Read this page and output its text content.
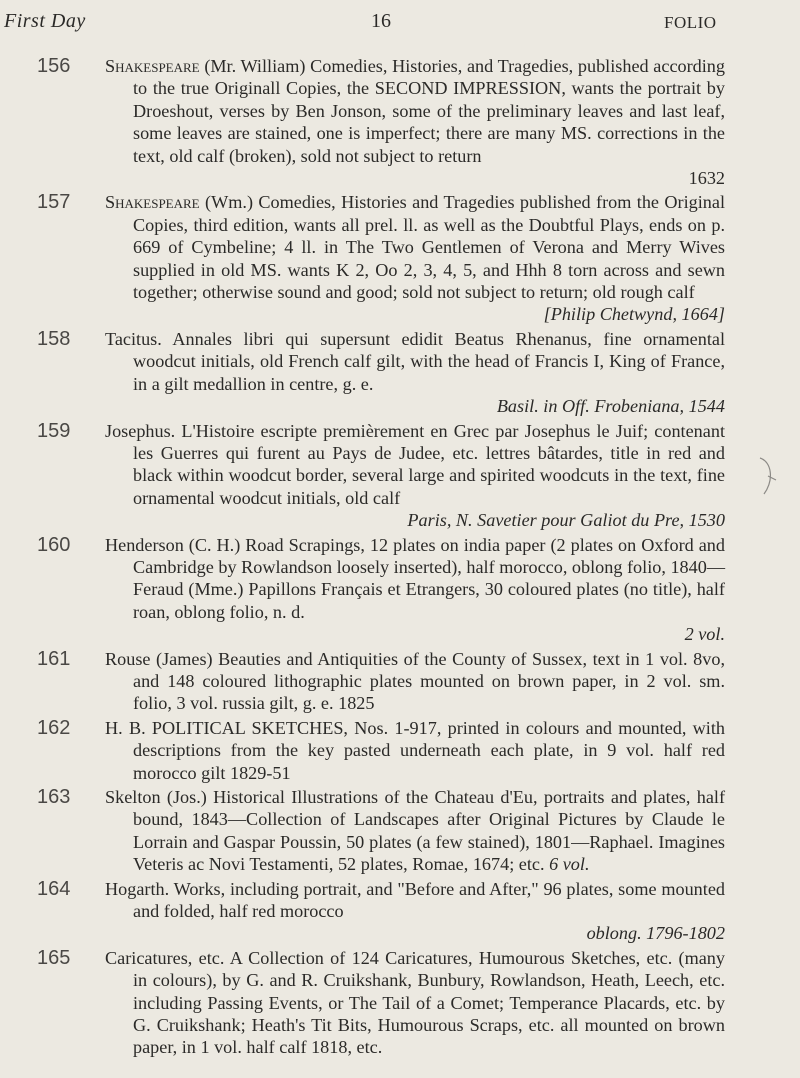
First Day	16	FOLIO
156 Shakespeare (Mr. William) Comedies, Histories, and Tragedies, published according to the true Originall Copies, the SECOND IMPRESSION, wants the portrait by Droeshout, verses by Ben Jonson, some of the preliminary leaves and last leaf, some leaves are stained, one is imperfect; there are many MS. corrections in the text, old calf (broken), sold not subject to return
1632
157 Shakespeare (Wm.) Comedies, Histories and Tragedies published from the Original Copies, third edition, wants all prel. ll. as well as the Doubtful Plays, ends on p. 669 of Cymbeline; 4 ll. in The Two Gentlemen of Verona and Merry Wives supplied in old MS. wants K 2, Oo 2, 3, 4, 5, and Hhh 8 torn across and sewn together; otherwise sound and good; sold not subject to return; old rough calf
[Philip Chetwynd, 1664]
158 Tacitus. Annales libri qui supersunt edidit Beatus Rhenanus, fine ornamental woodcut initials, old French calf gilt, with the head of Francis I, King of France, in a gilt medallion in centre, g. e.
Basil. in Off. Frobeniana, 1544
159 Josephus. L'Histoire escripte premièrement en Grec par Josephus le Juif; contenant les Guerres qui furent au Pays de Judee, etc. lettres bâtardes, title in red and black within woodcut border, several large and spirited woodcuts in the text, fine ornamental woodcut initials, old calf
Paris, N. Savetier pour Galiot du Pre, 1530
160 Henderson (C. H.) Road Scrapings, 12 plates on india paper (2 plates on Oxford and Cambridge by Rowlandson loosely inserted), half morocco, oblong folio, 1840—Feraud (Mme.) Papillons Français et Etrangers, 30 coloured plates (no title), half roan, oblong folio, n. d.
2 vol.
161 Rouse (James) Beauties and Antiquities of the County of Sussex, text in 1 vol. 8vo, and 148 coloured lithographic plates mounted on brown paper, in 2 vol. sm. folio, 3 vol. russia gilt, g. e. 1825
162 H. B. POLITICAL SKETCHES, Nos. 1-917, printed in colours and mounted, with descriptions from the key pasted underneath each plate, in 9 vol. half red morocco gilt 1829-51
163 Skelton (Jos.) Historical Illustrations of the Chateau d'Eu, portraits and plates, half bound, 1843—Collection of Landscapes after Original Pictures by Claude le Lorrain and Gaspar Poussin, 50 plates (a few stained), 1801—Raphael. Imagines Veteris ac Novi Testamenti, 52 plates, Romae, 1674; etc. 6 vol.
164 Hogarth. Works, including portrait, and "Before and After," 96 plates, some mounted and folded, half red morocco
oblong. 1796-1802
165 Caricatures, etc. A Collection of 124 Caricatures, Humourous Sketches, etc. (many in colours), by G. and R. Cruikshank, Bunbury, Rowlandson, Heath, Leech, etc. including Passing Events, or The Tail of a Comet; Temperance Placards, etc. by G. Cruikshank; Heath's Tit Bits, Humourous Scraps, etc. all mounted on brown paper, in 1 vol. half calf 1818, etc.
